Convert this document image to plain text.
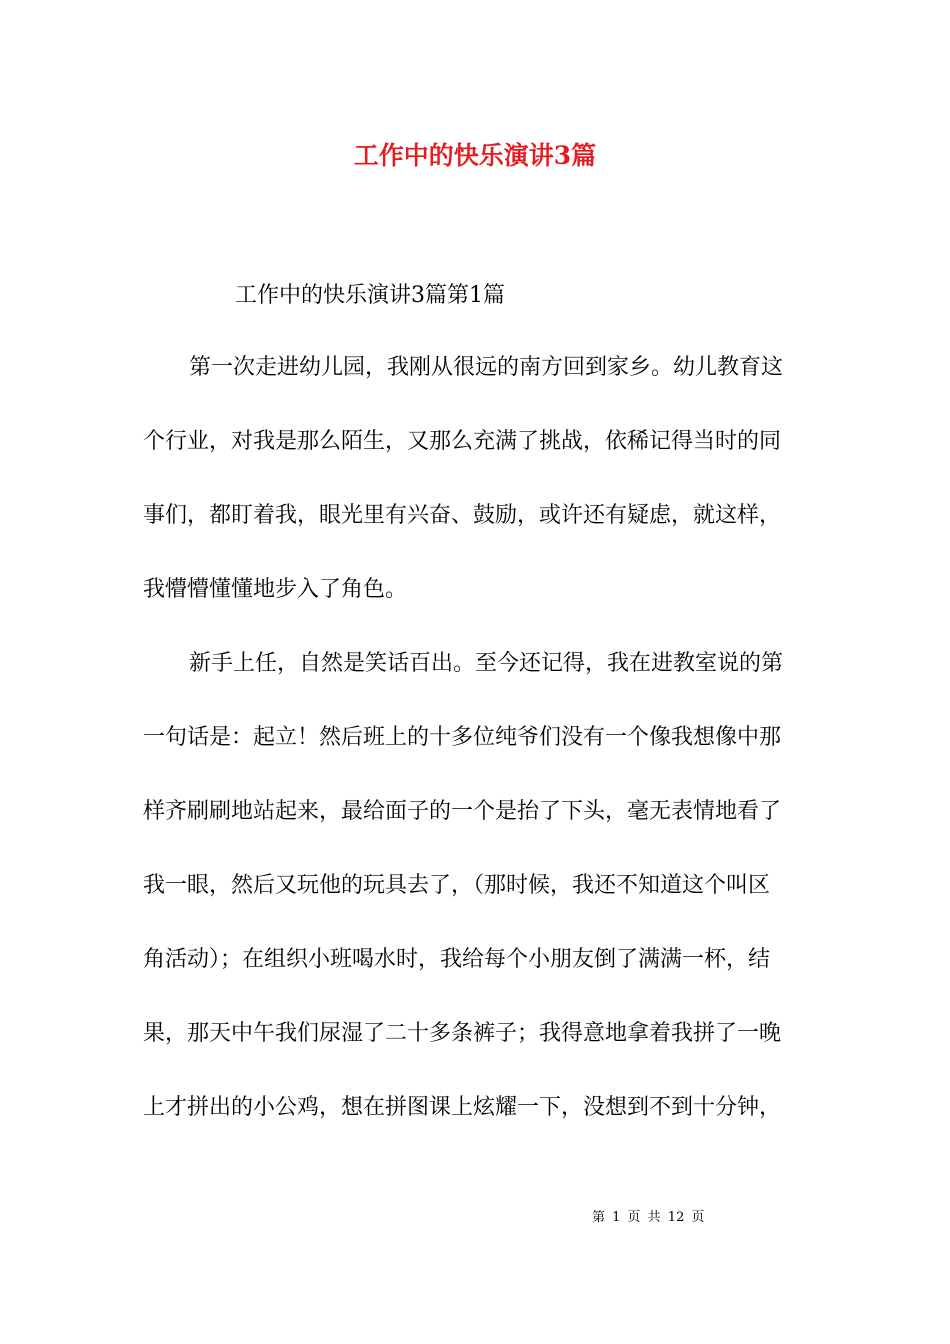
工作中的快乐演讲3篇
工作中的快乐演讲3篇第1篇
第一次走进幼儿园，我刚从很远的南方回到家乡。幼儿教育这
个行业，对我是那么陌生，又那么充满了挑战，依稀记得当时的同
事们，都盯着我，眼光里有兴奋、鼓励，或许还有疑虑，就这样，
我懵懵懂懂地步入了角色。
新手上任，自然是笑话百出。至今还记得，我在进教室说的第
一句话是：起立！然后班上的十多位纯爷们没有一个像我想像中那
样齐刷刷地站起来，最给面子的一个是抬了下头，毫无表情地看了
我一眼，然后又玩他的玩具去了，（那时候，我还不知道这个叫区
角活动）；在组织小班喝水时，我给每个小朋友倒了满满一杯，结
果，那天中午我们尿湿了二十多条裤子；我得意地拿着我拼了一晚
上才拼出的小公鸡，想在拼图课上炫耀一下，没想到不到十分钟，
第 1 页 共 12 页
